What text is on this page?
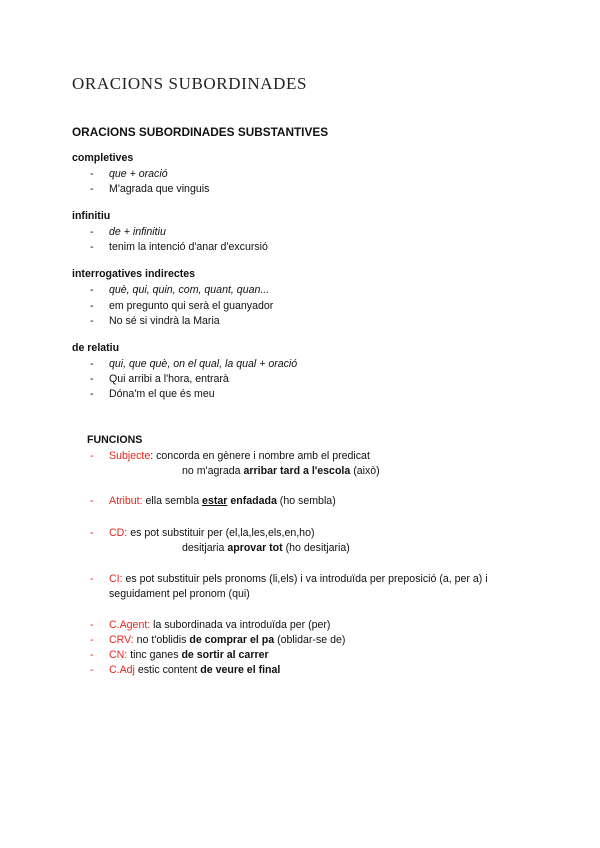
ORACIONS SUBORDINADES
ORACIONS SUBORDINADES SUBSTANTIVES
completives
- que + oració
- M'agrada que vinguis
infinitiu
- de + infinitiu
- tenim la intenció d'anar d'excursió
interrogatives indirectes
- què, qui, quin, com, quant, quan...
- em pregunto qui serà el guanyador
- No sé si vindrà la Maria
de relatiu
- qui, que què, on el qual, la qual + oració
- Qui arribi a l'hora, entrarà
- Dóna'm el que és meu
FUNCIONS
- Subjecte: concorda en gènere i nombre amb el predicat
no m'agrada arribar tard a l'escola (això)
- Atribut: ella sembla estar enfadada (ho sembla)
- CD: es pot substituir per (el,la,les,els,en,ho)
desitjaria aprovar tot (ho desitjaria)
- CI: es pot substituir pels pronoms (li,els) i va introduïda per preposició (a, per a) i
seguidament pel pronom (qui)
- C.Agent: la subordinada va introduïda per (per)
- CRV: no t'oblidis de comprar el pa (oblidar-se de)
- CN: tinc ganes de sortir al carrer
- C.Adj estic content de veure el final
